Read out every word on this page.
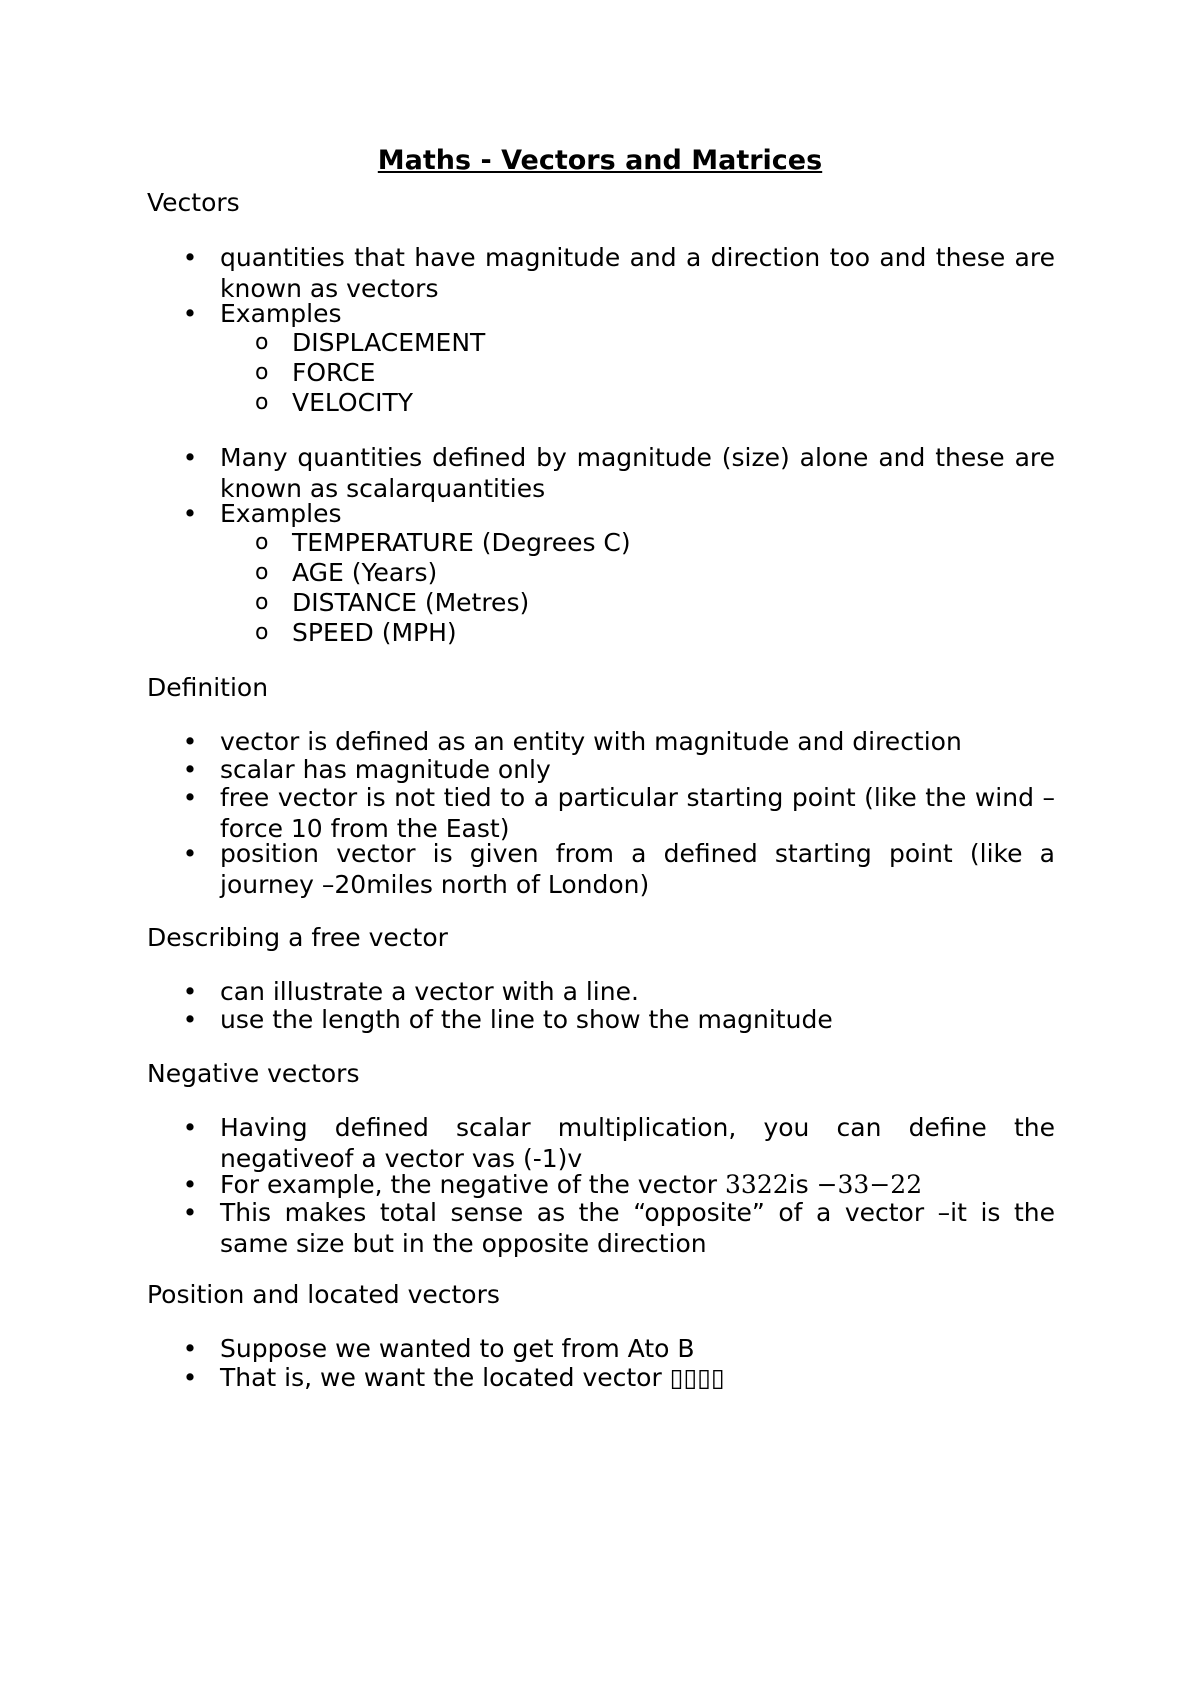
Maths - Vectors and Matrices
Vectors
• quantities that have magnitude and a direction too and these are known as vectors
• Examples
o DISPLACEMENT
o FORCE
o VELOCITY
• Many quantities defined by magnitude (size) alone and these are known as scalarquantities
• Examples
o TEMPERATURE (Degrees C)
o AGE (Years)
o DISTANCE (Metres)
o SPEED (MPH)
Definition
• vector is defined as an entity with magnitude and direction
• scalar has magnitude only
• free vector is not tied to a particular starting point (like the wind –force 10 from the East)
• position vector is given from a defined starting point (like a journey –20miles north of London)
Describing a free vector
• can illustrate a vector with a line.
• use the length of the line to show the magnitude
Negative vectors
• Having defined scalar multiplication, you can define the negativeof a vector vas (-1)v
• For example, the negative of the vector 3322is −33−22
• This makes total sense as the “opposite” of a vector –it is the same size but in the opposite direction
Position and located vectors
• Suppose we wanted to get from Ato B
• That is, we want the located vector ▯▯▯▯
